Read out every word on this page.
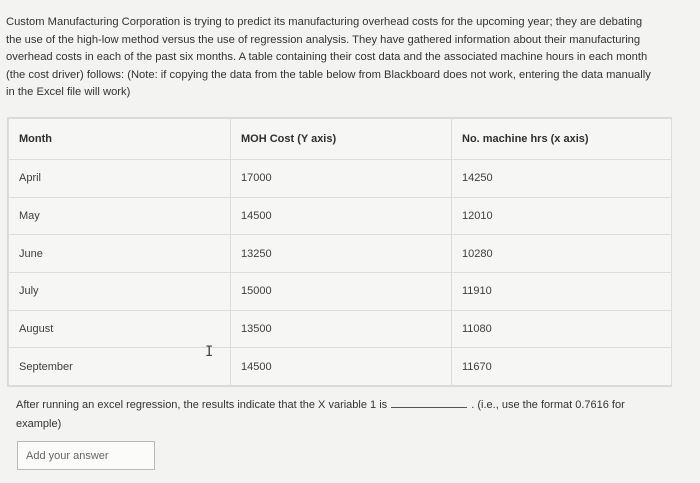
Custom Manufacturing Corporation is trying to predict its manufacturing overhead costs for the upcoming year; they are debating
the use of the high-low method versus the use of regression analysis. They have gathered information about their manufacturing
overhead costs in each of the past six months. A table containing their cost data and the associated machine hours in each month
(the cost driver) follows: (Note: if copying the data from the table below from Blackboard does not work, entering the data manually
in the Excel file will work)
Month	MOH Cost (Y axis)	No. machine hrs (x axis)
April	17000	14250
May	14500	12010
June	13250	10280
July	15000	11910
August	13500	11080
September	14500	11670
I
After running an excel regression, the results indicate that the X variable 1 is	. (i.e., use the format 0.7616 for example)
Add your answer
